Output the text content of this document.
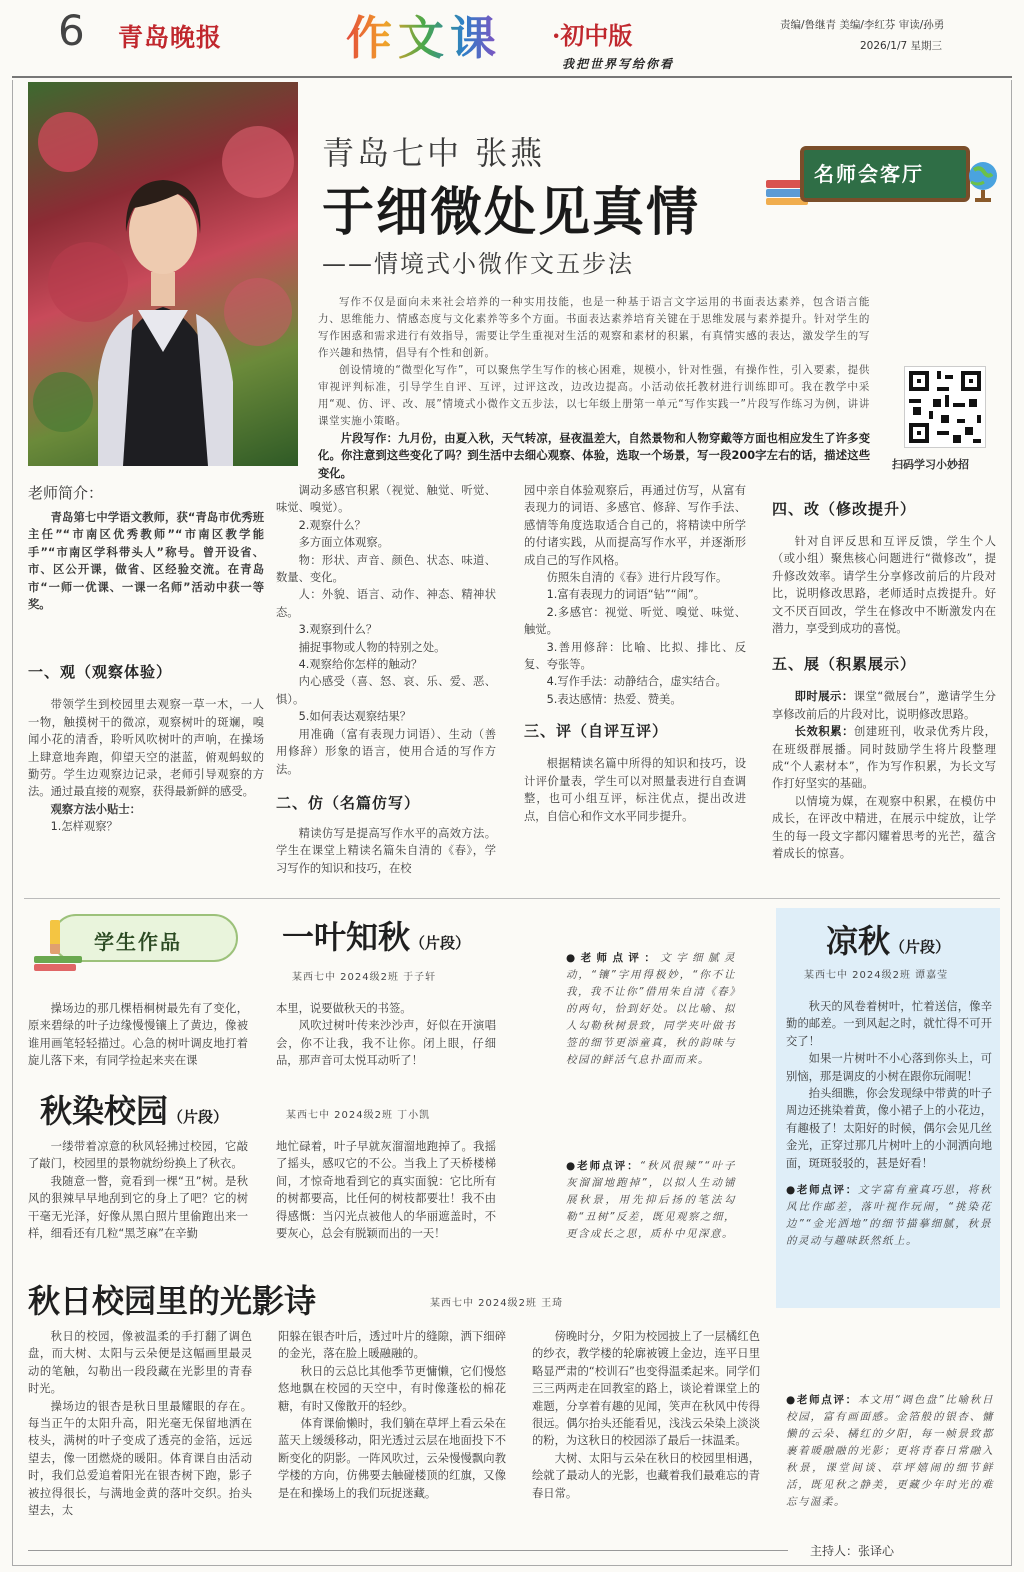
6 青岛晚报	作文课 ·初中版
我把世界写给你看
责编/鲁继青 美编/李红芬 审读/孙勇
2026/1/7 星期三
青岛七中 张燕
于细微处见真情
——情境式小微作文五步法
名师会客厅

写作不仅是面向未来社会培养的一种实用技能，也是一种基于语言文字运用的书面表达素养，包含语言能力、思维能力、情感态度与文化素养等多个方面。书面表达素养培育关键在于思维发展与素养提升。针对学生的写作困惑和需求进行有效指导，需要让学生重视对生活的观察和素材的积累，有真情实感的表达，激发学生的写作兴趣和热情，倡导有个性和创新。

创设情境的“微型化写作”，可以聚焦学生写作的核心困难，规模小，针对性强，有操作性，引入要素，提供审视评判标准，引导学生自评、互评，过评这改，边改边提高。小活动依托教材进行训练即可。我在教学中采用“观、仿、评、改、展”情境式小微作文五步法，以七年级上册第一单元“写作实践一”片段写作练习为例，讲讲课堂实施小策略。

片段写作：九月份，由夏入秋，天气转凉，昼夜温差大，自然景物和人物穿戴等方面也相应发生了许多变化。你注意到这些变化了吗？到生活中去细心观察、体验，选取一个场景，写一段200字左右的话，描述这些变化。

扫码学习小妙招
老师简介：

青岛第七中学语文教师，获“青岛市优秀班主任”“市南区优秀教师”“市南区教学能手”“市南区学科带头人”称号。曾开设省、市、区公开课，做省、区经验交流。在青岛市“一师一优课、一课一名师”活动中获一等奖。

一、观（观察体验）

带领学生到校园里去观察一草一木，一人一物，触摸树干的微凉，观察树叶的斑斓，嗅闻小花的清香，聆听风吹树叶的声响，在操场上肆意地奔跑，仰望天空的湛蓝，俯观蚂蚁的勤劳。学生边观察边记录，老师引导观察的方法。通过最直接的观察，获得最新鲜的感受。

观察方法小贴士：

1.怎样观察？

调动多感官积累（视觉、触觉、听觉、味觉、嗅觉）。

2.观察什么？

多方面立体观察。

物：形状、声音、颜色、状态、味道、数量、变化。

人：外貌、语言、动作、神态、精神状态。

3.观察到什么？

捕捉事物或人物的特别之处。

4.观察给你怎样的触动？

内心感受（喜、怒、哀、乐、爱、恶、惧）。

5.如何表达观察结果？

用准确（富有表现力词语）、生动（善用修辞）形象的语言，使用合适的写作方法。

二、仿（名篇仿写）

精读仿写是提高写作水平的高效方法。学生在课堂上精读名篇朱自清的《春》，学习写作的知识和技巧，在校

园中亲自体验观察后，再通过仿写，从富有表现力的词语、多感官、修辞、写作手法、感情等角度选取适合自己的，将精读中所学的付诸实践，从而提高写作水平，并逐渐形成自己的写作风格。

仿照朱自清的《春》进行片段写作。

1.富有表现力的词语“钻”“闹”。

2.多感官：视觉、听觉、嗅觉、味觉、触觉。

3.善用修辞：比喻、比拟、排比、反复、夸张等。

4.写作手法：动静结合，虚实结合。

5.表达感情：热爱、赞美。

三、评（自评互评）

根据精读名篇中所得的知识和技巧，设计评价量表，学生可以对照量表进行自查调整，也可小组互评，标注优点，提出改进点，自信心和作文水平同步提升。

四、改（修改提升）

针对自评反思和互评反馈，学生个人（或小组）聚焦核心问题进行“微修改”，提升修改效率。请学生分享修改前后的片段对比，说明修改思路，老师适时点拨提升。好文不厌百回改，学生在修改中不断激发内在潜力，享受到成功的喜悦。

五、展（积累展示）

即时展示：课堂“微展台”，邀请学生分享修改前后的片段对比，说明修改思路。

长效积累：创建班刊，收录优秀片段，在班级群展播。同时鼓励学生将片段整理成“个人素材本”，作为写作积累，为长文写作打好坚实的基础。

以情境为媒，在观察中积累，在模仿中成长，在评改中精进，在展示中绽放，让学生的每一段文字都闪耀着思考的光芒，蕴含着成长的惊喜。

学生作品	一叶知秋（片段）
某西七中 2024级2班 于子轩

操场边的那几棵梧桐树最先有了变化，原来碧绿的叶子边缘慢慢镶上了黄边，像被谁用画笔轻轻描过。心急的树叶调皮地打着旋儿落下来，有同学捡起来夹在课

本里，说要做秋天的书签。

风吹过树叶传来沙沙声，好似在开演唱会，你不让我，我不让你。闭上眼，仔细品，那声音可太悦耳动听了！

●老师点评：文字细腻灵动，“镶”字用得极妙，“你不让我，我不让你”借用朱自清《春》的两句，恰到好处。以比喻、拟人勾勒秋树景致，同学夹叶做书签的细节更添童真，秋的韵味与校园的鲜活气息扑面而来。

秋染校园（片段）	某西七中 2024级2班 丁小凯

一缕带着凉意的秋风轻拂过校园，它敲了敲门，校园里的景物就纷纷换上了秋衣。

我随意一瞥，竟看到一棵“丑”树。是秋风的狠辣早早地刮到它的身上了吧？它的树干毫无光泽，好像从黑白照片里偷跑出来一样，细看还有几粒“黑芝麻”在辛勤

地忙碌着，叶子早就灰溜溜地跑掉了。我摇了摇头，感叹它的不公。当我上了天桥楼梯间，才惊奇地看到它的真实面貌：它比所有的树都要高，比任何的树枝都要壮！我不由得感慨：当闪光点被他人的华丽遮盖时，不要灰心，总会有脱颖而出的一天！

●老师点评：“秋风很辣”“叶子灰溜溜地跑掉”，以拟人生动铺展秋景，用先抑后扬的笔法勾勒“丑树”反差，既见观察之细，更含成长之思，质朴中见深意。

凉秋（片段）
某西七中 2024级2班 谭嘉莹

秋天的风卷着树叶，忙着送信，像辛勤的邮差。一到风起之时，就忙得不可开交了！

如果一片树叶不小心落到你头上，可别恼，那是调皮的小树在跟你玩闹呢！

抬头细瞧，你会发现绿中带黄的叶子周边还挑染着黄，像小裙子上的小花边，有趣极了！太阳好的时候，偶尔会见几丝金光，正穿过那几片树叶上的小洞洒向地面，斑斑驳驳的，甚是好看！

●老师点评：文字富有童真巧思，将秋风比作邮差，落叶视作玩闹，“挑染花边”“金光洒地”的细节描摹细腻，秋景的灵动与趣味跃然纸上。

秋日校园里的光影诗	某西七中 2024级2班 王琦

秋日的校园，像被温柔的手打翻了调色盘，而大树、太阳与云朵便是这幅画里最灵动的笔触，勾勒出一段段藏在光影里的青春时光。

操场边的银杏是秋日里最耀眼的存在。每当正午的太阳升高，阳光毫无保留地洒在枝头，满树的叶子变成了透亮的金箔，远远望去，像一团燃烧的暖阳。体育课自由活动时，我们总爱追着阳光在银杏树下跑，影子被拉得很长，与满地金黄的落叶交织。抬头望去，太

阳躲在银杏叶后，透过叶片的缝隙，洒下细碎的金光，落在脸上暖融融的。

秋日的云总比其他季节更慵懒，它们慢悠悠地飘在校园的天空中，有时像蓬松的棉花糖，有时又像散开的轻纱。

体育课偷懒时，我们躺在草坪上看云朵在蓝天上缓缓移动，阳光透过云层在地面投下不断变化的阴影。一阵风吹过，云朵慢慢飘向教学楼的方向，仿佛要去触碰楼顶的红旗，又像是在和操场上的我们玩捉迷藏。

傍晚时分，夕阳为校园披上了一层橘红色的纱衣，教学楼的轮廓被镀上金边，连平日里略显严肃的“校训石”也变得温柔起来。同学们三三两两走在回教室的路上，谈论着课堂上的难题，分享着有趣的见闻，笑声在秋风中传得很远。偶尔抬头还能看见，浅浅云朵染上淡淡的粉，为这秋日的校园添了最后一抹温柔。

大树、太阳与云朵在秋日的校园里相遇，绘就了最动人的光影，也藏着我们最难忘的青春日常。

●老师点评：本文用“调色盘”比喻秋日校园，富有画面感。金箔般的银杏、慵懒的云朵、橘红的夕阳，每一帧景致都裹着暖融融的光影；更将青春日常融入秋景，课堂间谈、草坪嬉闹的细节鲜活，既见秋之静美，更藏少年时光的难忘与温柔。

主持人：张译心
